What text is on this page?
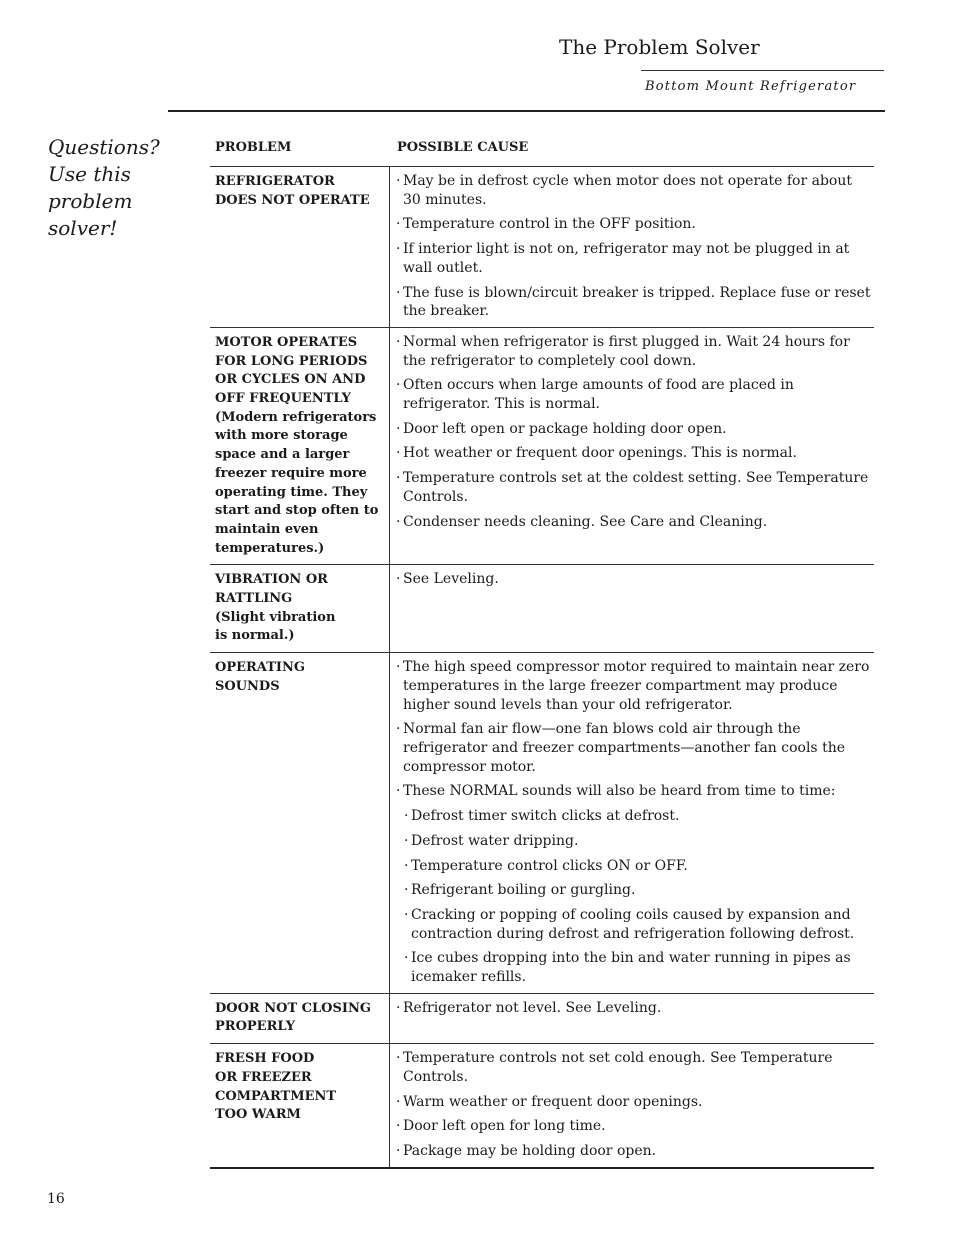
The Problem Solver
Bottom Mount Refrigerator
Questions?
Use this
problem
solver!
PROBLEM	POSSIBLE CAUSE
REFRIGERATOR
DOES NOT OPERATE
· May be in defrost cycle when motor does not operate for about 30 minutes.
· Temperature control in the OFF position.
· If interior light is not on, refrigerator may not be plugged in at wall outlet.
· The fuse is blown/circuit breaker is tripped. Replace fuse or reset the breaker.
MOTOR OPERATES
FOR LONG PERIODS
OR CYCLES ON AND
OFF FREQUENTLY
(Modern refrigerators
with more storage
space and a larger
freezer require more
operating time. They
start and stop often to
maintain even
temperatures.)
· Normal when refrigerator is first plugged in. Wait 24 hours for the refrigerator to completely cool down.
· Often occurs when large amounts of food are placed in refrigerator. This is normal.
· Door left open or package holding door open.
· Hot weather or frequent door openings. This is normal.
· Temperature controls set at the coldest setting. See Temperature Controls.
· Condenser needs cleaning. See Care and Cleaning.
VIBRATION OR
RATTLING
(Slight vibration
is normal.)
· See Leveling.
OPERATING
SOUNDS
· The high speed compressor motor required to maintain near zero temperatures in the large freezer compartment may produce higher sound levels than your old refrigerator.
· Normal fan air flow—one fan blows cold air through the refrigerator and freezer compartments—another fan cools the compressor motor.
· These NORMAL sounds will also be heard from time to time:
· Defrost timer switch clicks at defrost.
· Defrost water dripping.
· Temperature control clicks ON or OFF.
· Refrigerant boiling or gurgling.
· Cracking or popping of cooling coils caused by expansion and contraction during defrost and refrigeration following defrost.
· Ice cubes dropping into the bin and water running in pipes as icemaker refills.
DOOR NOT CLOSING
PROPERLY
· Refrigerator not level. See Leveling.
FRESH FOOD
OR FREEZER
COMPARTMENT
TOO WARM
· Temperature controls not set cold enough. See Temperature Controls.
· Warm weather or frequent door openings.
· Door left open for long time.
· Package may be holding door open.
16
